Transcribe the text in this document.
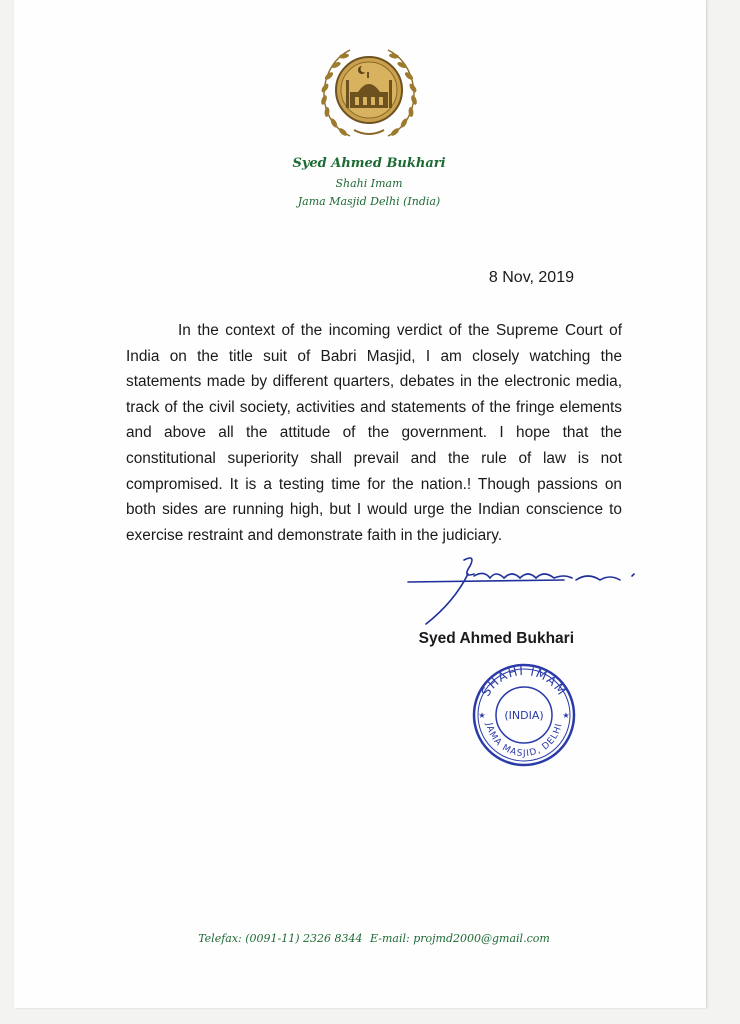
Syed Ahmed Bukhari
Shahi Imam
Jama Masjid Delhi (India)
8 Nov, 2019
In the context of the incoming verdict of the Supreme Court of India on the title suit of Babri Masjid, I am closely watching the statements made by different quarters, debates in the electronic media, track of the civil society, activities and statements of the fringe elements and above all the attitude of the government. I hope that the constitutional superiority shall prevail and the rule of law is not compromised. It is a testing time for the nation.! Though passions on both sides are running high, but I would urge the Indian conscience to exercise restraint and demonstrate faith in the judiciary.
Syed Ahmed Bukhari
SHAHI IMAM
JAMA MASJID, DELHI
(INDIA)
★	★
Telefax: (0091-11) 2326 8344 E-mail: projmd2000@gmail.com
